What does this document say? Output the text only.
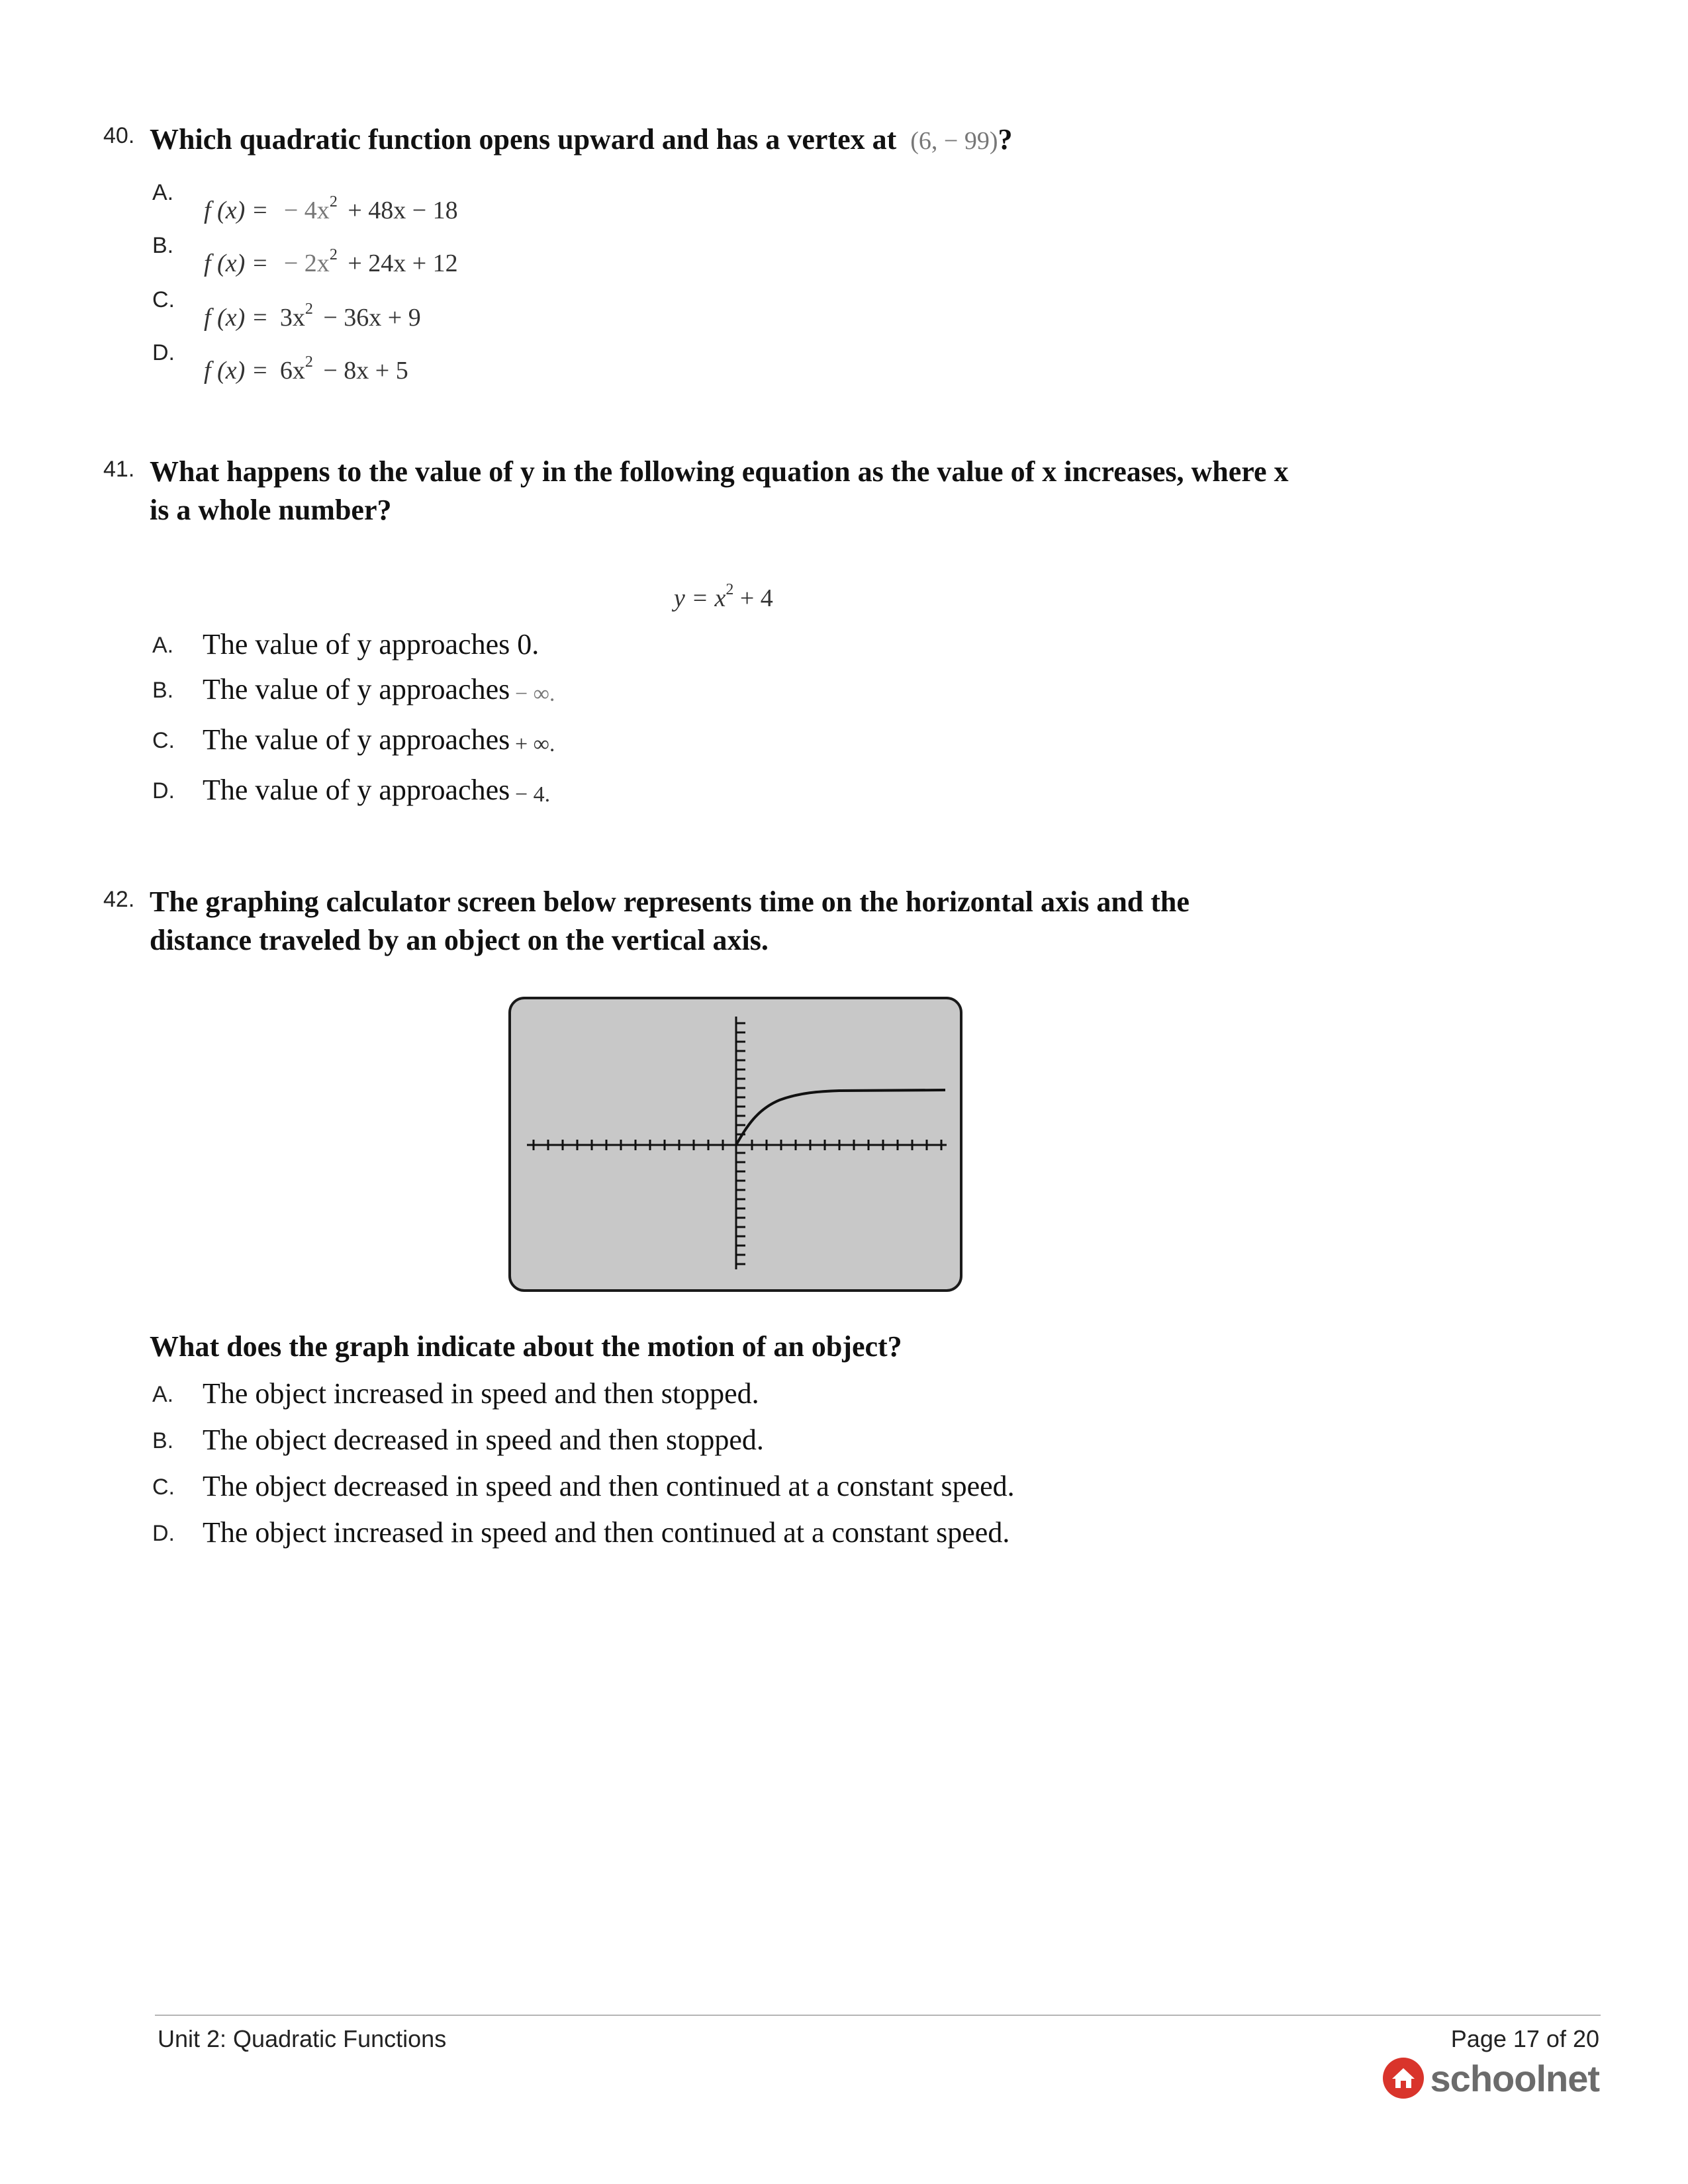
40. Which quadratic function opens upward and has a vertex at (6, − 99)?
A.
f (x) = − $4x^2 + 48x - 18$
B.
f (x) = − $2x^2 + 24x + 12$
C.
f $(x) = 3x^2 - 36x + 9$
D.
f $(x) = 6x^2 - 8x + 5$
41. What happens to the value of y in the following equation as the value of x increases, where x
is a whole number?
$y = x^2 + 4$
A. The value of y approaches 0.
B. The value of y approaches − ∞.
C. The value of y approaches + ∞.
D. The value of y approaches − 4.
42. The graphing calculator screen below represents time on the horizontal axis and the
distance traveled by an object on the vertical axis.
What does the graph indicate about the motion of an object?
A. The object increased in speed and then stopped.
B. The object decreased in speed and then stopped.
C. The object decreased in speed and then continued at a constant speed.
D. The object increased in speed and then continued at a constant speed.
Unit 2: Quadratic Functions	Page 17 of 20
schoolnet
